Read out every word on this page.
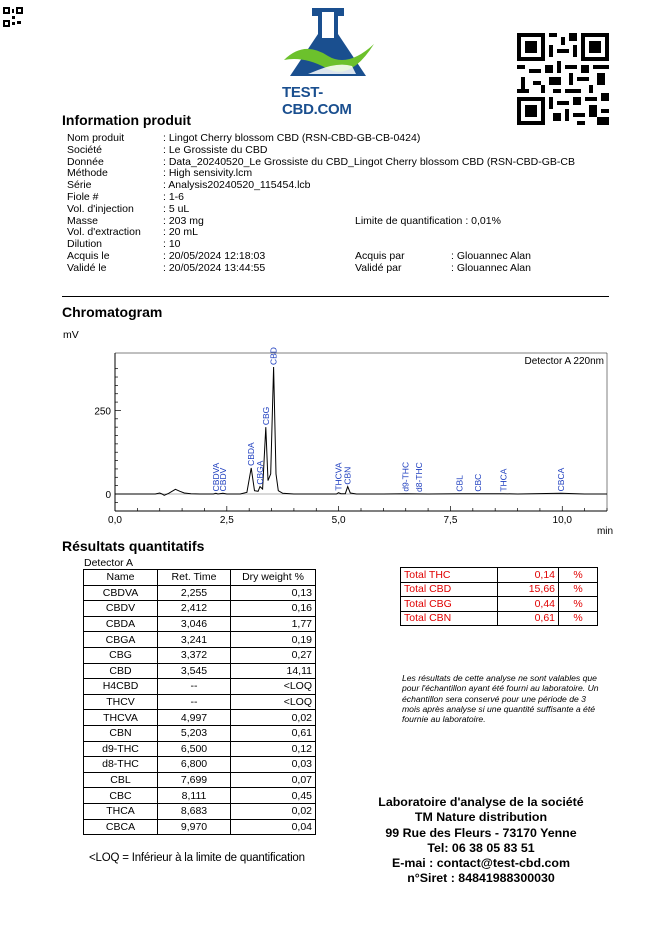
TEST-CBD.COM
Information produit
Nom produit	: Lingot Cherry blossom CBD (RSN-CBD-GB-CB-0424)
Société	: Le Grossiste du CBD
Donnée	: Data_20240520_Le Grossiste du CBD_Lingot Cherry blossom CBD (RSN-CBD-GB-CB
Méthode	: High sensivity.lcm
Série	: Analysis20240520_115454.lcb
Fiole #	: 1-6
Vol. d'injection	: 5 uL
Masse	: 203 mg	Limite de quantification : 0,01%
Vol. d'extraction : 20 mL
Dilution	: 10
Acquis le	: 20/05/2024 12:18:03	Acquis par	: Glouannec Alan
Validé le	: 20/05/2024 13:44:55	Validé par	: Glouannec Alan
Chromatogram
mV
0,0	2,5	5,0	7,5	10,0
250
0
CBDVA
CBDV
CBDA
CBGA
CBG
CBD
THCVA CBN	d9-THC d8-THC	CBL CBC THCA	CBCA
Detector A 220nm
min
Résultats quantitatifs
Detector A
Name	Ret. Time	Dry weight %
CBDVA	2,255	0,13
CBDV	2,412	0,16
CBDA	3,046	1,77
CBGA	3,241	0,19
CBG	3,372	0,27
CBD	3,545	14,11
H4CBD	--	<LOQ
THCV	--	<LOQ
THCVA	4,997	0,02
CBN	5,203	0,61
d9-THC	6,500	0,12
d8-THC	6,800	0,03
CBL	7,699	0,07
CBC	8,111	0,45
THCA	8,683	0,02
CBCA	9,970	0,04
<LOQ = Inférieur à la limite de quantification
Total THC	0,14	%
Total CBD	15,66	%
Total CBG	0,44	%
Total CBN	0,61	%
Les résultats de cette analyse ne sont valables que pour l'échantillon ayant été fourni au laboratoire. Un échantillon sera conservé pour une période de 3 mois après analyse si une quantité suffisante a été fournie au laboratoire.
Laboratoire d'analyse de la société
TM Nature distribution
99 Rue des Fleurs - 73170 Yenne
Tel: 06 38 05 83 51
E-mai : contact@test-cbd.com
n°Siret : 84841988300030
